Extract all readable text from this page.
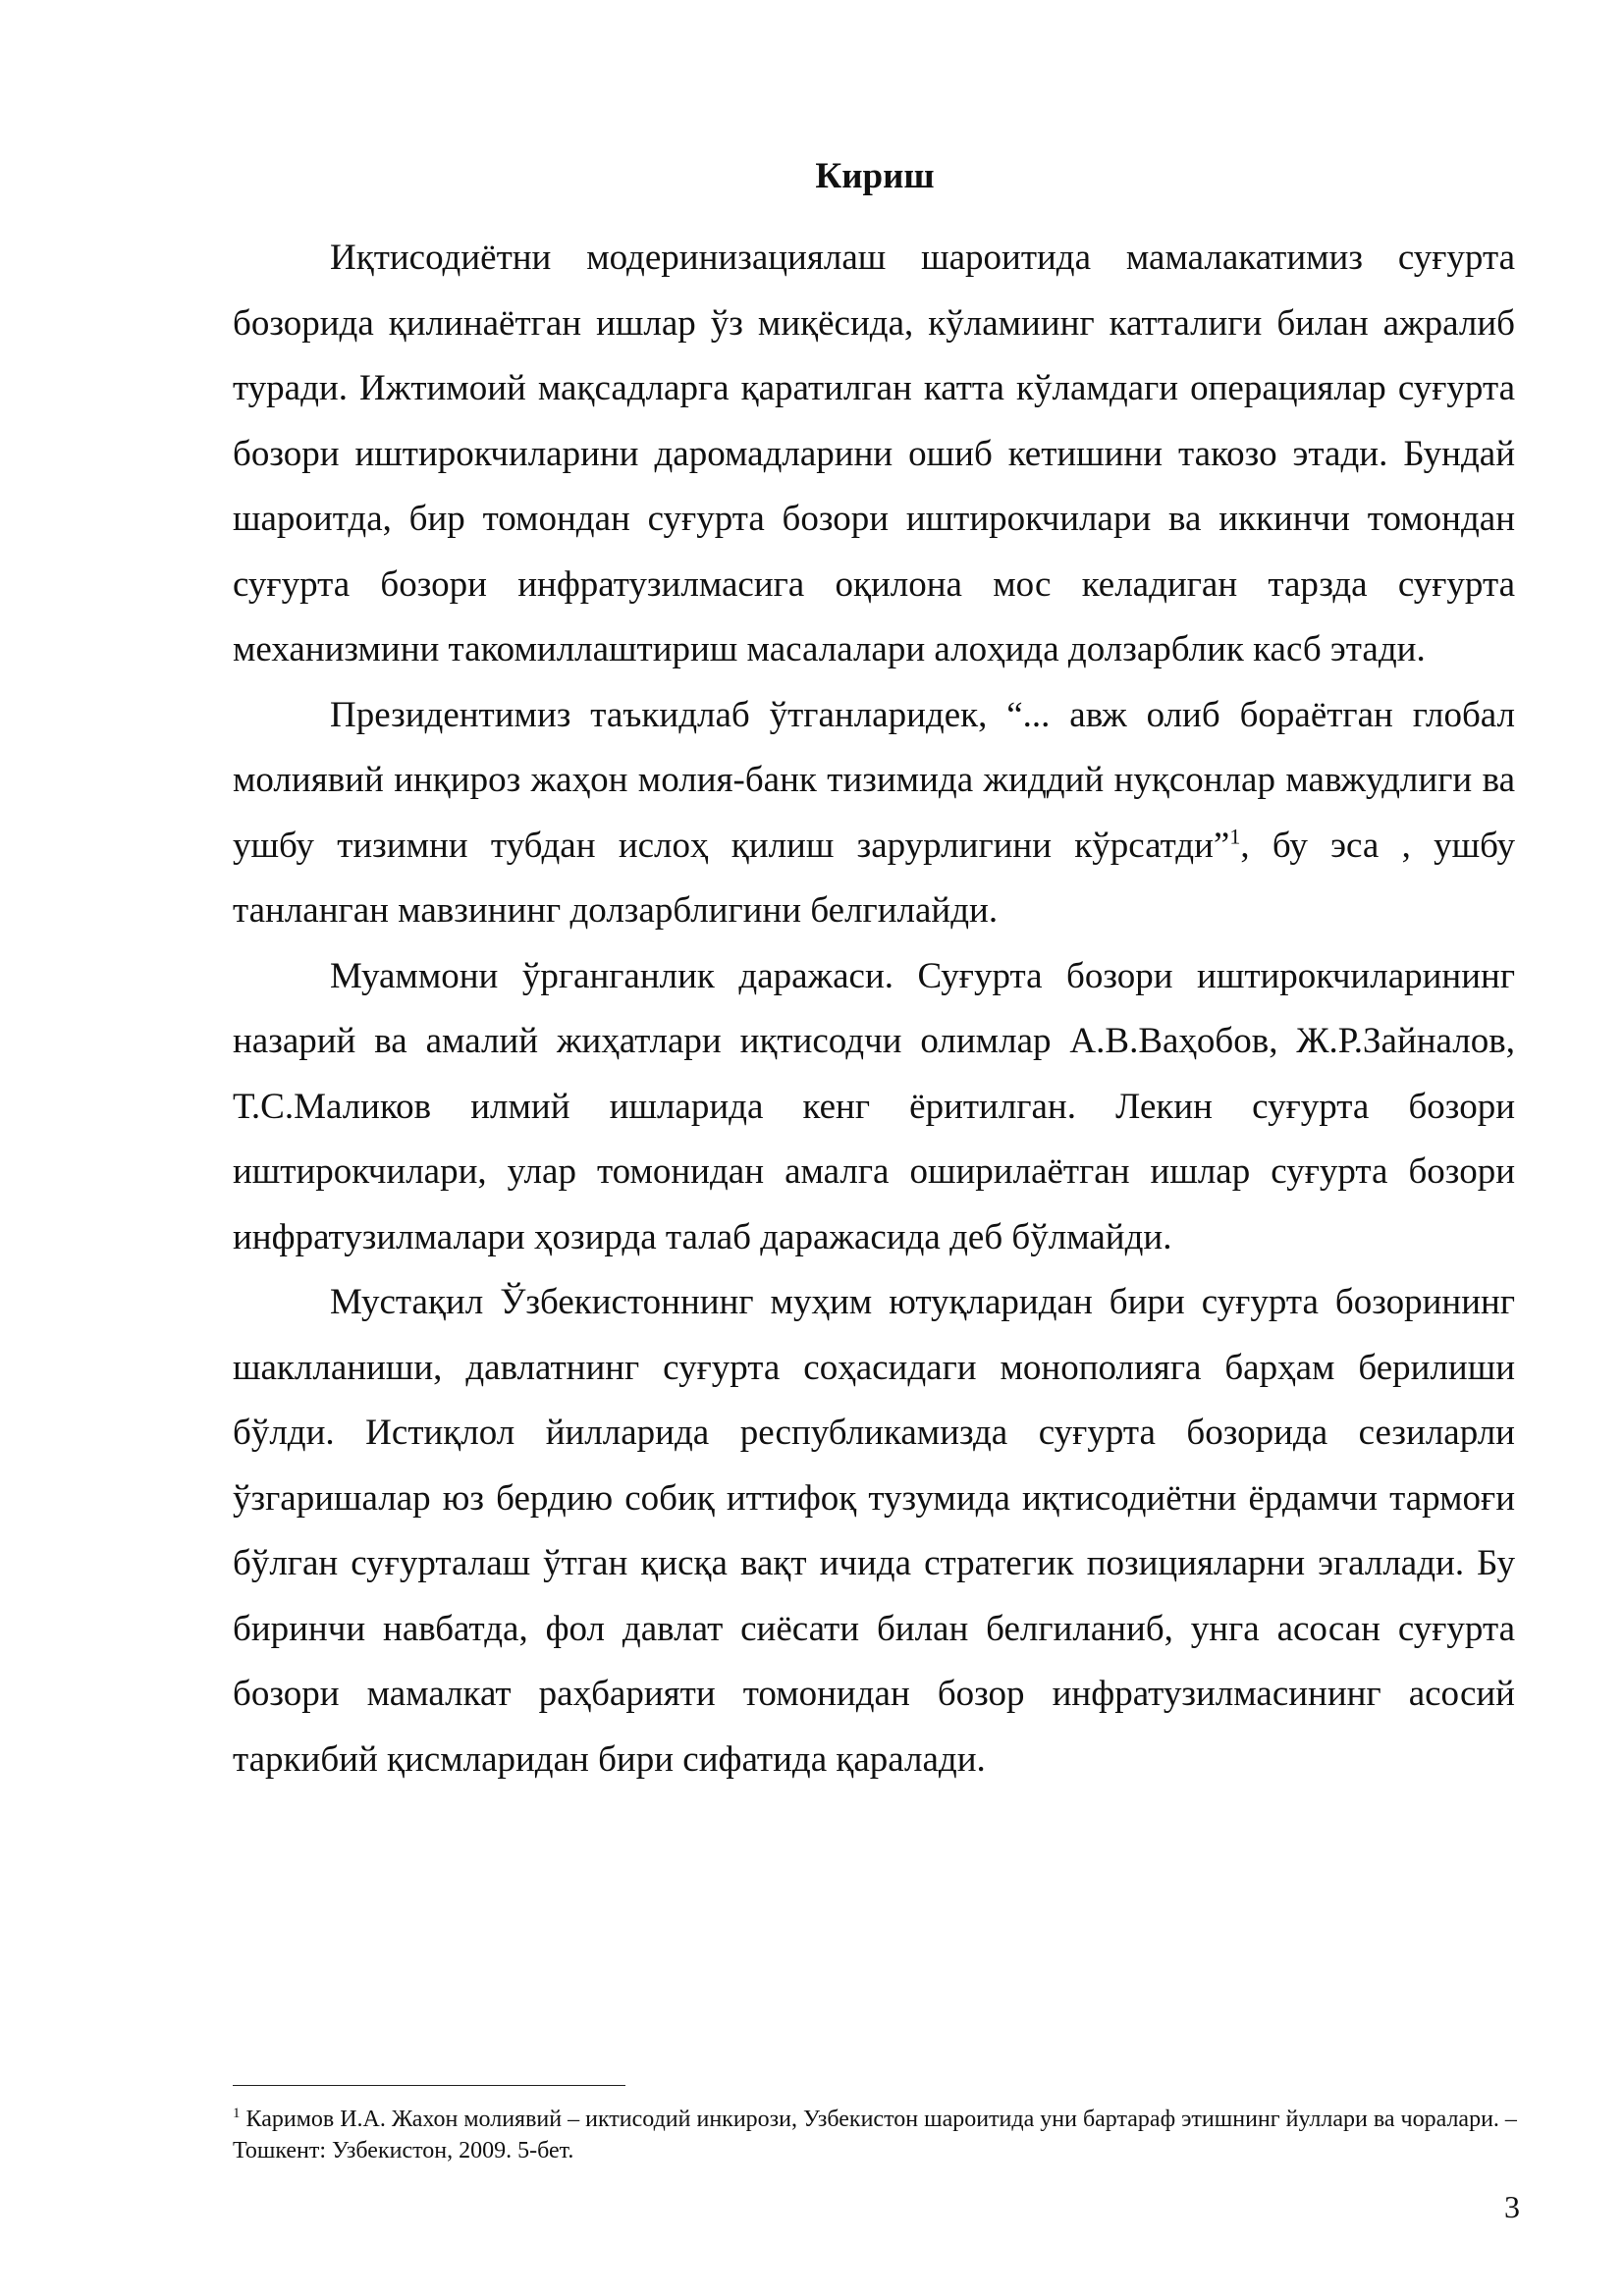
Кириш

Иқтисодиётни модеринизациялаш шароитида мамалакатимиз суғурта бозорида қилинаётган ишлар ўз миқёсида, кўламиинг катталиги билан ажралиб туради. Ижтимоий мақсадларга қаратилган катта кўламдаги операциялар суғурта бозори иштирокчиларини даромадларини ошиб кетишини такозо этади. Бундай шароитда, бир томондан суғурта бозори иштирокчилари ва иккинчи томондан суғурта бозори инфратузилмасига оқилона мос келадиган тарзда суғурта механизмини такомиллаштириш масалалари алоҳида долзарблик касб этади.

Президентимиз таъкидлаб ўтганларидек, “... авж олиб бораётган глобал молиявий инқироз жаҳон молия-банк тизимида жиддий нуқсонлар мавжудлиги ва ушбу тизимни тубдан ислоҳ қилиш зарурлигини кўрсатди”$^1$, бу эса , ушбу танланган мавзининг долзарблигини белгилайди.

Муаммони ўрганганлик даражаси. Суғурта бозори иштирокчиларининг назарий ва амалий жиҳатлари иқтисодчи олимлар А.В.Ваҳобов, Ж.Р.Зайналов, Т.С.Маликов илмий ишларида кенг ёритилган. Лекин суғурта бозори иштирокчилари, улар томонидан амалга оширилаётган ишлар суғурта бозори инфратузилмалари ҳозирда талаб даражасида деб бўлмайди.

Мустақил Ўзбекистоннинг муҳим ютуқларидан бири суғурта бозорининг шаклланиши, давлатнинг суғурта соҳасидаги монополияга барҳам берилиши бўлди. Истиқлол йилларида республикамизда суғурта бозорида сезиларли ўзгаришалар юз бердию собиқ иттифоқ тузумида иқтисодиётни ёрдамчи тармоғи бўлган суғурталаш ўтган қисқа вақт ичида стратегик позицияларни эгаллади. Бу биринчи навбатда, фол давлат сиёсати билан белгиланиб, унга асосан суғурта бозори мамалкат раҳбарияти томонидан бозор инфратузилмасининг асосий таркибий қисмларидан бири сифатида қаралади.

$^1$ Каримов И.А. Жахон молиявий – иктисодий инкирози, Узбекистон шароитида уни бартараф этишнинг йуллари ва чоралари. – Тошкент: Узбекистон, 2009. 5-бет.

3
